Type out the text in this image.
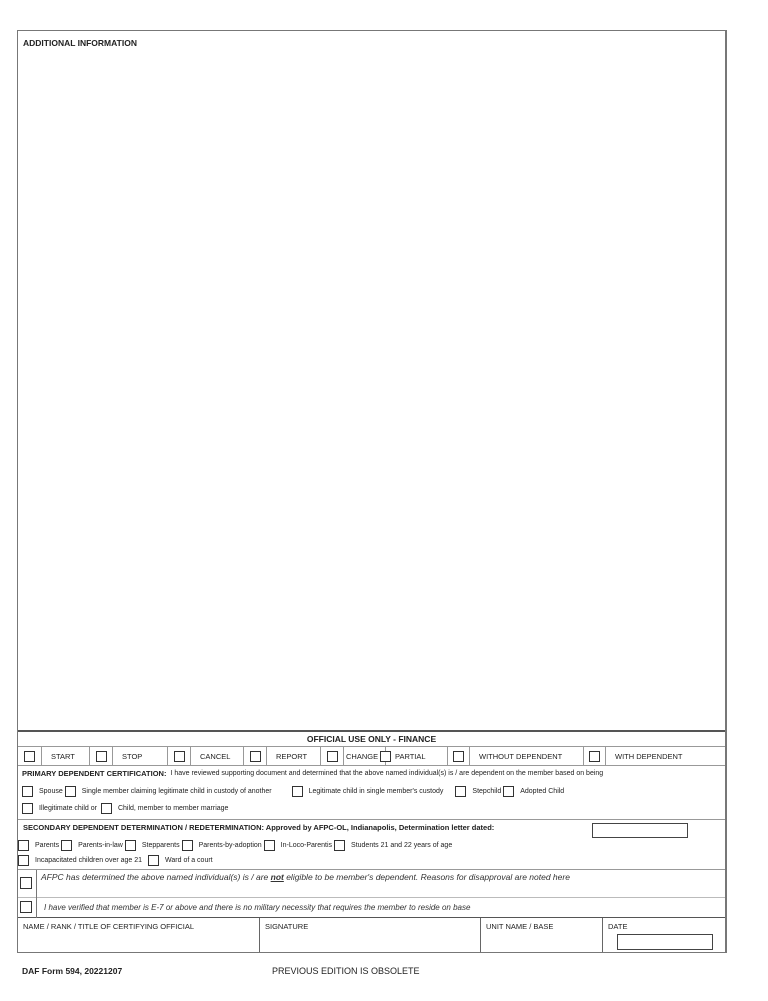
ADDITIONAL INFORMATION
OFFICIAL USE ONLY - FINANCE
START	STOP	CANCEL	REPORT	CHANGE	PARTIAL	WITHOUT DEPENDENT	WITH DEPENDENT
PRIMARY DEPENDENT CERTIFICATION: I have reviewed supporting document and determined that the above named individual(s) is / are dependent on the member based on being
Spouse	Single member claiming legitimate child in custody of another	Legitimate child in single member's custody	Stepchild	Adopted Child
Illegitimate child or	Child, member to member marriage
SECONDARY DEPENDENT DETERMINATION / REDETERMINATION: Approved by AFPC-OL, Indianapolis, Determination letter dated:
Parents	Parents-in-law	Stepparents	Parents-by-adoption	In-Loco-Parentis	Students 21 and 22 years of age
Incapacitated children over age 21	Ward of a court
AFPC has determined the above named individual(s) is / are not eligible to be member's dependent. Reasons for disapproval are noted here
I have verified that member is E-7 or above and there is no military necessity that requires the member to reside on base
NAME / RANK / TITLE OF CERTIFYING OFFICIAL	SIGNATURE	UNIT NAME / BASE	DATE
DAF Form 594, 20221207	PREVIOUS EDITION IS OBSOLETE
